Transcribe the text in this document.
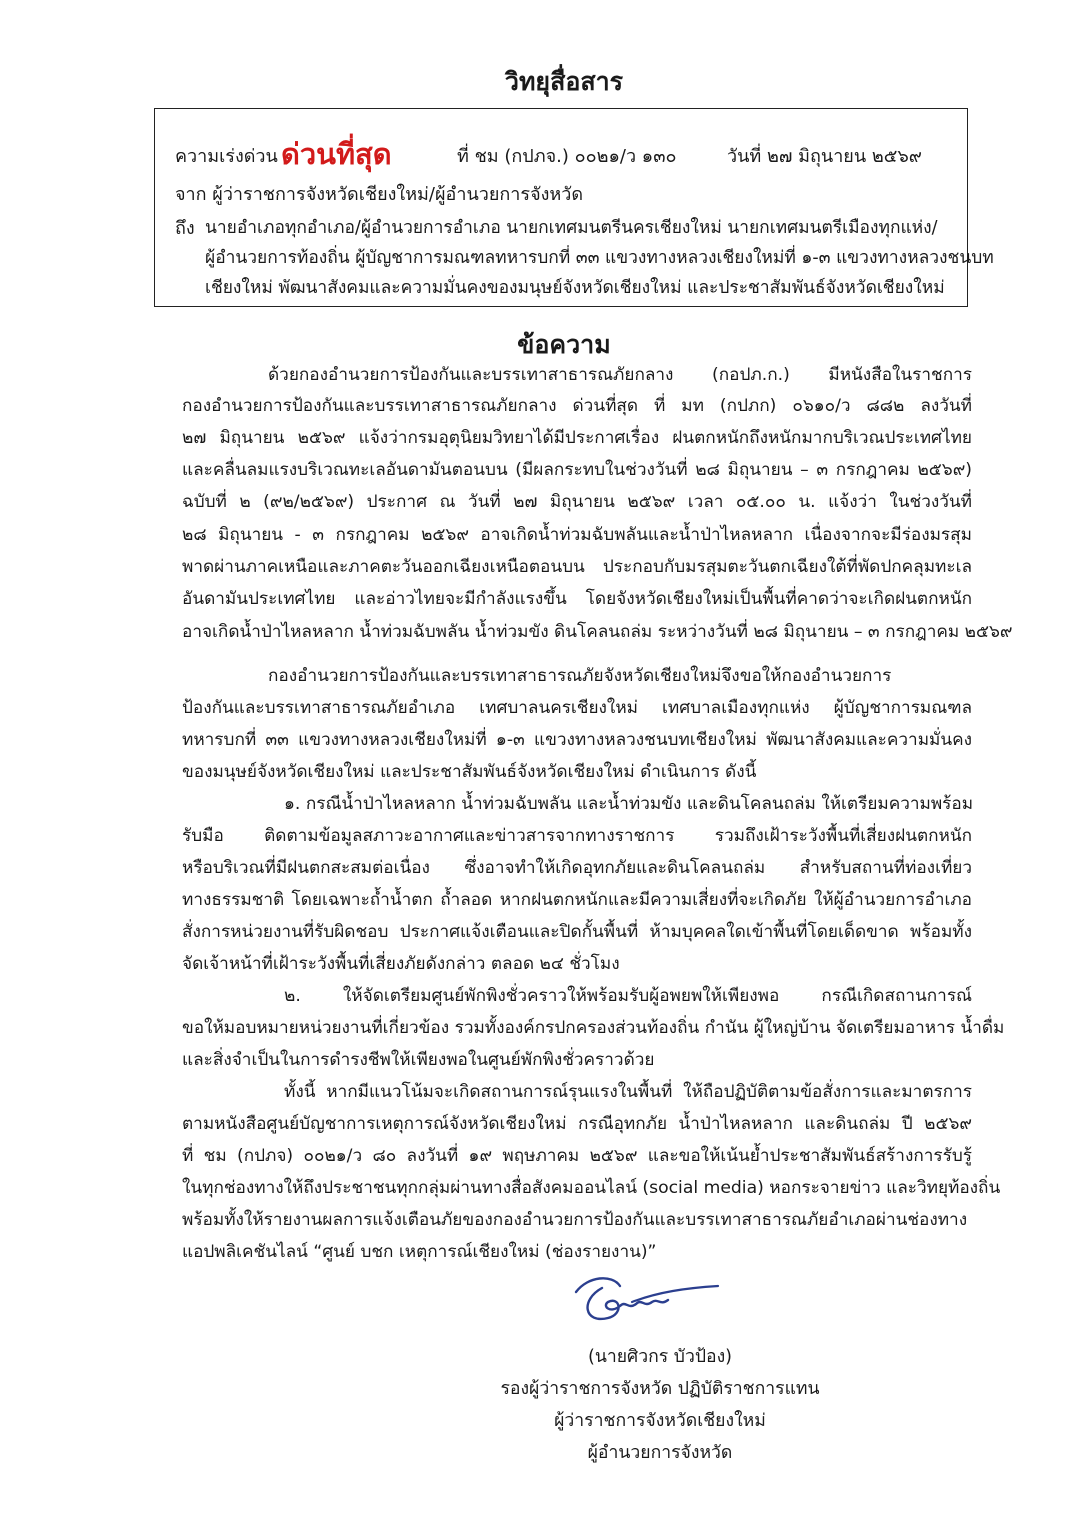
วิทยุสื่อสาร
ความเร่งด่วน ด่วนที่สุด	ที่ ชม (กปภจ.) ๐๐๒๑/ว ๑๓๐	วันที่ ๒๗ มิถุนายน ๒๕๖๙
จาก ผู้ว่าราชการจังหวัดเชียงใหม่/ผู้อำนวยการจังหวัด
ถึง นายอำเภอทุกอำเภอ/ผู้อำนวยการอำเภอ นายกเทศมนตรีนครเชียงใหม่ นายกเทศมนตรีเมืองทุกแห่ง/
ผู้อำนวยการท้องถิ่น ผู้บัญชาการมณฑลทหารบกที่ ๓๓ แขวงทางหลวงเชียงใหม่ที่ ๑-๓ แขวงทางหลวงชนบท
เชียงใหม่ พัฒนาสังคมและความมั่นคงของมนุษย์จังหวัดเชียงใหม่ และประชาสัมพันธ์จังหวัดเชียงใหม่
ข้อความ
ด้วยกองอำนวยการป้องกันและบรรเทาสาธารณภัยกลาง (กอปภ.ก.) มีหนังสือในราชการ
กองอำนวยการป้องกันและบรรเทาสาธารณภัยกลาง ด่วนที่สุด ที่ มท (กปภก) ๐๖๑๐/ว ๘๘๒ ลงวันที่
๒๗ มิถุนายน ๒๕๖๙ แจ้งว่ากรมอุตุนิยมวิทยาได้มีประกาศเรื่อง ฝนตกหนักถึงหนักมากบริเวณประเทศไทย
และคลื่นลมแรงบริเวณทะเลอันดามันตอนบน (มีผลกระทบในช่วงวันที่ ๒๘ มิถุนายน – ๓ กรกฎาคม ๒๕๖๙)
ฉบับที่ ๒ (๙๒/๒๕๖๙) ประกาศ ณ วันที่ ๒๗ มิถุนายน ๒๕๖๙ เวลา ๐๕.๐๐ น. แจ้งว่า ในช่วงวันที่
๒๘ มิถุนายน - ๓ กรกฎาคม ๒๕๖๙ อาจเกิดน้ำท่วมฉับพลันและน้ำป่าไหลหลาก เนื่องจากจะมีร่องมรสุม
พาดผ่านภาคเหนือและภาคตะวันออกเฉียงเหนือตอนบน ประกอบกับมรสุมตะวันตกเฉียงใต้ที่พัดปกคลุมทะเล
อันดามันประเทศไทย และอ่าวไทยจะมีกำลังแรงขึ้น โดยจังหวัดเชียงใหม่เป็นพื้นที่คาดว่าจะเกิดฝนตกหนัก
อาจเกิดน้ำป่าไหลหลาก น้ำท่วมฉับพลัน น้ำท่วมขัง ดินโคลนถล่ม ระหว่างวันที่ ๒๘ มิถุนายน – ๓ กรกฎาคม ๒๕๖๙
กองอำนวยการป้องกันและบรรเทาสาธารณภัยจังหวัดเชียงใหม่จึงขอให้กองอำนวยการ
ป้องกันและบรรเทาสาธารณภัยอำเภอ เทศบาลนครเชียงใหม่ เทศบาลเมืองทุกแห่ง ผู้บัญชาการมณฑล
ทหารบกที่ ๓๓ แขวงทางหลวงเชียงใหม่ที่ ๑-๓ แขวงทางหลวงชนบทเชียงใหม่ พัฒนาสังคมและความมั่นคง
ของมนุษย์จังหวัดเชียงใหม่ และประชาสัมพันธ์จังหวัดเชียงใหม่ ดำเนินการ ดังนี้
๑. กรณีน้ำป่าไหลหลาก น้ำท่วมฉับพลัน และน้ำท่วมขัง และดินโคลนถล่ม ให้เตรียมความพร้อม
รับมือ ติดตามข้อมูลสภาวะอากาศและข่าวสารจากทางราชการ รวมถึงเฝ้าระวังพื้นที่เสี่ยงฝนตกหนัก
หรือบริเวณที่มีฝนตกสะสมต่อเนื่อง ซึ่งอาจทำให้เกิดอุทกภัยและดินโคลนถล่ม สำหรับสถานที่ท่องเที่ยว
ทางธรรมชาติ โดยเฉพาะถ้ำน้ำตก ถ้ำลอด หากฝนตกหนักและมีความเสี่ยงที่จะเกิดภัย ให้ผู้อำนวยการอำเภอ
สั่งการหน่วยงานที่รับผิดชอบ ประกาศแจ้งเตือนและปิดกั้นพื้นที่ ห้ามบุคคลใดเข้าพื้นที่โดยเด็ดขาด พร้อมทั้ง
จัดเจ้าหน้าที่เฝ้าระวังพื้นที่เสี่ยงภัยดังกล่าว ตลอด ๒๔ ชั่วโมง
๒. ให้จัดเตรียมศูนย์พักพิงชั่วคราวให้พร้อมรับผู้อพยพให้เพียงพอ กรณีเกิดสถานการณ์
ขอให้มอบหมายหน่วยงานที่เกี่ยวข้อง รวมทั้งองค์กรปกครองส่วนท้องถิ่น กำนัน ผู้ใหญ่บ้าน จัดเตรียมอาหาร น้ำดื่ม
และสิ่งจำเป็นในการดำรงชีพให้เพียงพอในศูนย์พักพิงชั่วคราวด้วย
ทั้งนี้ หากมีแนวโน้มจะเกิดสถานการณ์รุนแรงในพื้นที่ ให้ถือปฏิบัติตามข้อสั่งการและมาตรการ
ตามหนังสือศูนย์บัญชาการเหตุการณ์จังหวัดเชียงใหม่ กรณีอุทกภัย น้ำป่าไหลหลาก และดินถล่ม ปี ๒๕๖๙
ที่ ชม (กปภจ) ๐๐๒๑/ว ๘๐ ลงวันที่ ๑๙ พฤษภาคม ๒๕๖๙ และขอให้เน้นย้ำประชาสัมพันธ์สร้างการรับรู้
ในทุกช่องทางให้ถึงประชาชนทุกกลุ่มผ่านทางสื่อสังคมออนไลน์ (social media) หอกระจายข่าว และวิทยุท้องถิ่น
พร้อมทั้งให้รายงานผลการแจ้งเตือนภัยของกองอำนวยการป้องกันและบรรเทาสาธารณภัยอำเภอผ่านช่องทาง
แอปพลิเคชันไลน์ “ศูนย์ บชก เหตุการณ์เชียงใหม่ (ช่องรายงาน)”
(นายศิวกร บัวป้อง)
รองผู้ว่าราชการจังหวัด ปฏิบัติราชการแทน
ผู้ว่าราชการจังหวัดเชียงใหม่
ผู้อำนวยการจังหวัด
